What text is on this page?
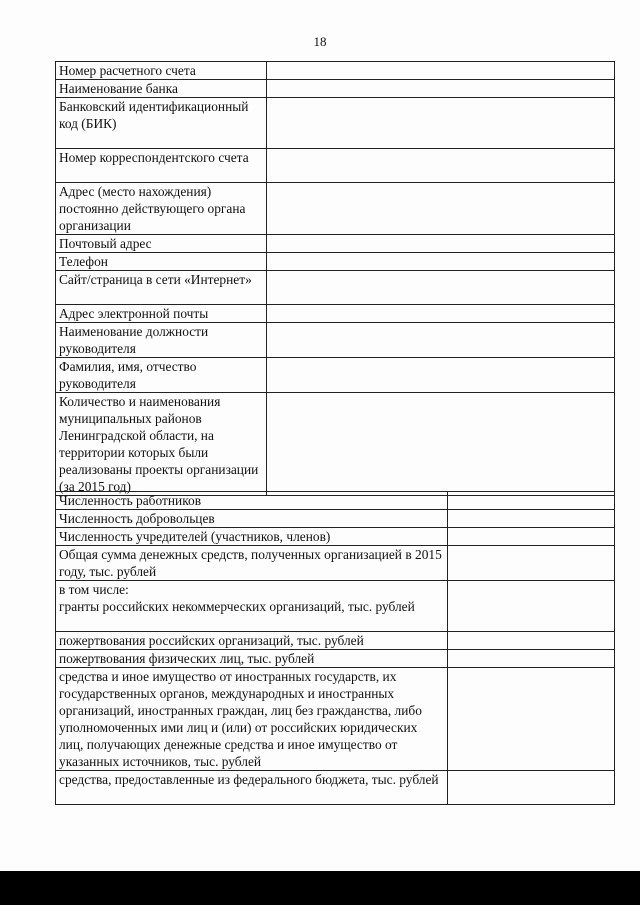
18
Номер расчетного счета	
Наименование банка	
Банковский идентификационный код (БИК)	
Номер корреспондентского счета	
Адрес (место нахождения) постоянно действующего органа организации	
Почтовый адрес	
Телефон	
Сайт/страница в сети «Интернет»	
Адрес электронной почты	
Наименование должности руководителя	
Фамилия, имя, отчество руководителя	
Количество и наименования муниципальных районов Ленинградской области, на территории которых были реализованы проекты организации (за 2015 год)	
Численность работников	
Численность добровольцев	
Численность учредителей (участников, членов)	
Общая сумма денежных средств, полученных организацией в 2015 году, тыс. рублей	

в том числе:
гранты российских некоммерческих организаций, тыс. рублей	

пожертвования российских организаций, тыс. рублей	
пожертвования физических лиц, тыс. рублей	
средства и иное имущество от иностранных государств, их государственных органов, международных и иностранных организаций, иностранных граждан, лиц без гражданства, либо уполномоченных ими лиц и (или) от российских юридических лиц, получающих денежные средства и иное имущество от указанных источников, тыс. рублей	
средства, предоставленные из федерального бюджета, тыс. рублей	
